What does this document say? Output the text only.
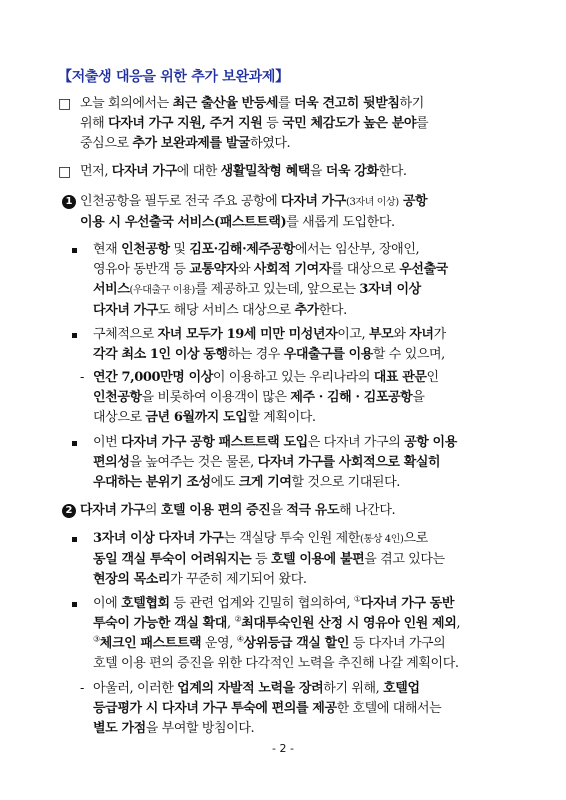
【저출생 대응을 위한 추가 보완과제】
□ 오늘 회의에서는 최근 출산율 반등세를 더욱 견고히 뒷받침하기

위해 다자녀 가구 지원, 주거 지원 등 국민 체감도가 높은 분야를

중심으로 추가 보완과제를 발굴하였다.

□ 먼저, 다자녀 가구에 대한 생활밀착형 혜택을 더욱 강화한다.

1 인천공항을 필두로 전국 주요 공항에 다자녀 가구(3자녀 이상) 공항

이용 시 우선출국 서비스(패스트트랙)를 새롭게 도입한다.

현재 인천공항 및 김포·김해·제주공항에서는 임산부, 장애인,

영유아 동반객 등 교통약자와 사회적 기여자를 대상으로 우선출국

서비스(우대출구 이용)를 제공하고 있는데, 앞으로는 3자녀 이상

다자녀 가구도 해당 서비스 대상으로 추가한다.

구체적으로 자녀 모두가 19세 미만 미성년자이고, 부모와 자녀가

각각 최소 1인 이상 동행하는 경우 우대출구를 이용할 수 있으며,

- 연간 7,000만명 이상이 이용하고 있는 우리나라의 대표 관문인

인천공항을 비롯하여 이용객이 많은 제주 · 김해 · 김포공항을

대상으로 금년 6월까지 도입할 계획이다.

이번 다자녀 가구 공항 패스트트랙 도입은 다자녀 가구의 공항 이용

편의성을 높여주는 것은 물론, 다자녀 가구를 사회적으로 확실히

우대하는 분위기 조성에도 크게 기여할 것으로 기대된다.

2 다자녀 가구의 호텔 이용 편의 증진을 적극 유도해 나간다.

3자녀 이상 다자녀 가구는 객실당 투숙 인원 제한(통상 4인)으로

동일 객실 투숙이 어려워지는 등 호텔 이용에 불편을 겪고 있다는

현장의 목소리가 꾸준히 제기되어 왔다.

이에 호텔협회 등 관련 업계와 긴밀히 협의하여, ①다자녀 가구 동반

투숙이 가능한 객실 확대, ②최대투숙인원 산정 시 영유아 인원 제외,

③체크인 패스트트랙 운영, ④상위등급 객실 할인 등 다자녀 가구의

호텔 이용 편의 증진을 위한 다각적인 노력을 추진해 나갈 계획이다.

- 아울러, 이러한 업계의 자발적 노력을 장려하기 위해, 호텔업

등급평가 시 다자녀 가구 투숙에 편의를 제공한 호텔에 대해서는

별도 가점을 부여할 방침이다.

- 2 -
